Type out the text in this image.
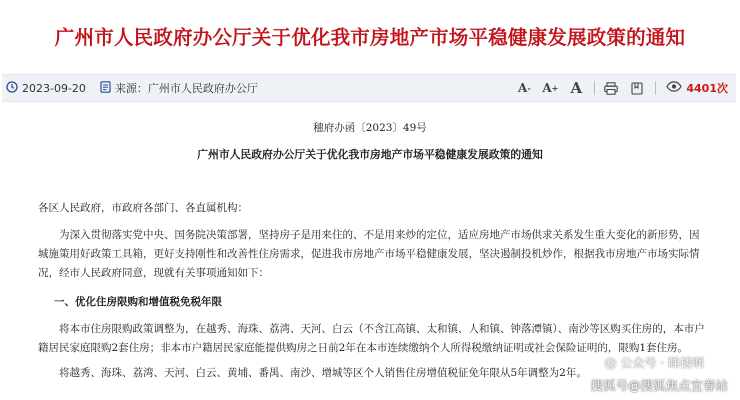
广州市人民政府办公厅关于优化我市房地产市场平稳健康发展政策的通知
2023-09-20	来源：广州市人民政府办公厅	A - A + A	4401次
穗府办函〔2023〕49号
广州市人民政府办公厅关于优化我市房地产市场平稳健康发展政策的通知
各区人民政府，市政府各部门、各直属机构：
为深入贯彻落实党中央、国务院决策部署，坚持房子是用来住的、不是用来炒的定位，适应房地产市场供求关系发生重大变化的新形势，因城施策用好政策工具箱，更好支持刚性和改善性住房需求，促进我市房地产市场平稳健康发展，坚决遏制投机炒作，根据我市房地产市场实际情况，经市人民政府同意，现就有关事项通知如下：
一、优化住房限购和增值税免税年限
将本市住房限购政策调整为，在越秀、海珠、荔湾、天河、白云（不含江高镇、太和镇、人和镇、钟落潭镇）、南沙等区购买住房的，本市户籍居民家庭限购2套住房；非本市户籍居民家庭能提供购房之日前2年在本市连续缴纳个人所得税缴纳证明或社会保险证明的，限购1套住房。
将越秀、海珠、荔湾、天河、白云、黄埔、番禺、南沙、增城等区个人销售住房增值税征免年限从5年调整为2年。
◎ 公众号 · 睇楼啊
搜狐号@搜狐焦点宜春站
